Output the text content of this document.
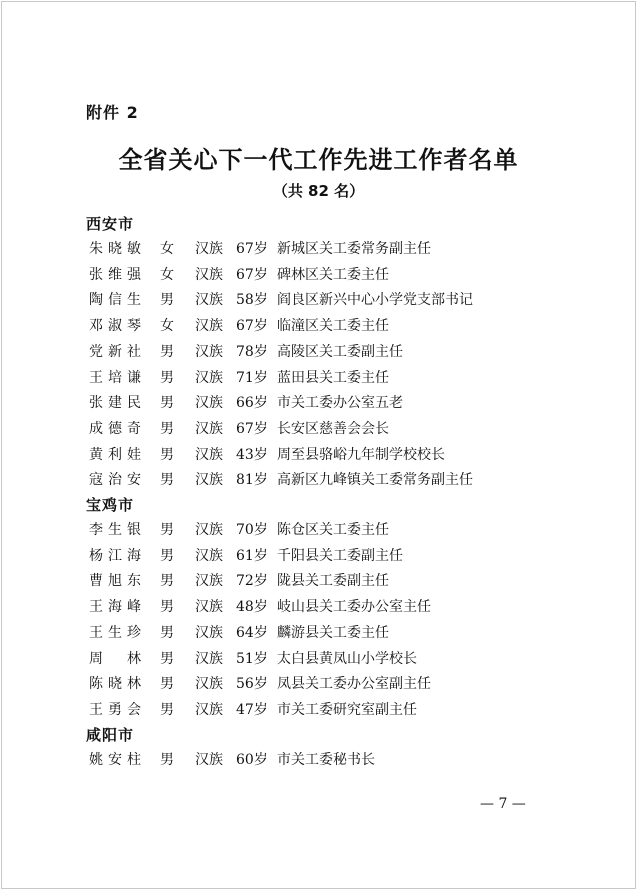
附件 2
全省关心下一代工作先进工作者名单
（共 82 名）
西安市
朱晓敏 女 汉族 67岁 新城区关工委常务副主任
张维强 女 汉族 67岁 碑林区关工委主任
陶信生 男 汉族 58岁 阎良区新兴中心小学党支部书记
邓淑琴 女 汉族 67岁 临潼区关工委主任
党新社 男 汉族 78岁 高陵区关工委副主任
王培谦 男 汉族 71岁 蓝田县关工委主任
张建民 男 汉族 66岁 市关工委办公室五老
成德奇 男 汉族 67岁 长安区慈善会会长
黄利娃 男 汉族 43岁 周至县骆峪九年制学校校长
寇治安 男 汉族 81岁 高新区九峰镇关工委常务副主任
宝鸡市
李生银 男 汉族 70岁 陈仓区关工委主任
杨江海 男 汉族 61岁 千阳县关工委副主任
曹旭东 男 汉族 72岁 陇县关工委副主任
王海峰 男 汉族 48岁 岐山县关工委办公室主任
王生珍 男 汉族 64岁 麟游县关工委主任
周林 男 汉族 51岁 太白县黄凤山小学校长
陈晓林 男 汉族 56岁 凤县关工委办公室副主任
王勇会 男 汉族 47岁 市关工委研究室副主任
咸阳市
姚安柱 男 汉族 60岁 市关工委秘书长
— 7 —
